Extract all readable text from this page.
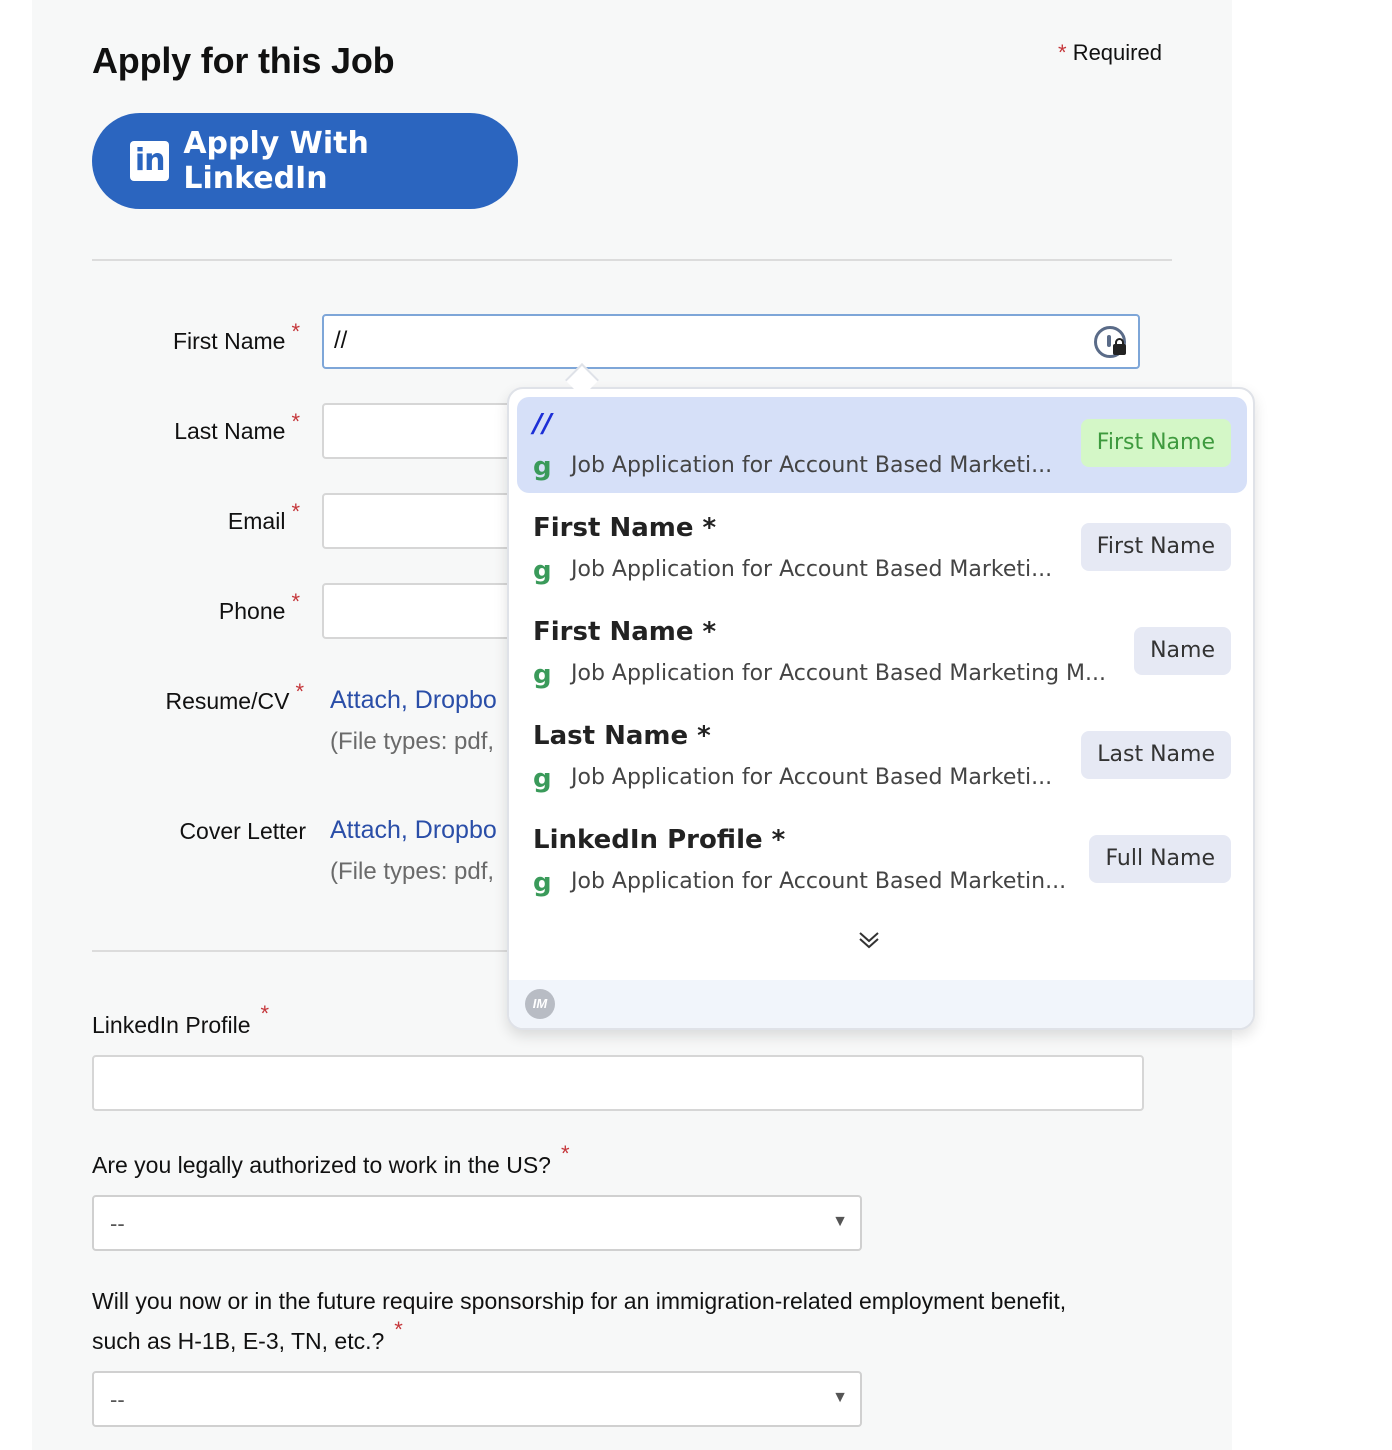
Apply for this Job	* Required
in Apply With LinkedIn
First Name *	//
Last Name *
Email *
Phone *
Resume/CV * Attach, Dropbo
(File types: pdf,
Cover Letter Attach, Dropbo
(File types: pdf,
LinkedIn Profile *
Are you legally authorized to work in the US? *
--	▼
Will you now or in the future require sponsorship for an immigration-related employment benefit,
such as H-1B, E-3, TN, etc.? *
--	▼
//
g Job Application for Account Based Marketi...
First Name
First Name *
g Job Application for Account Based Marketi...
First Name
First Name *
g Job Application for Account Based Marketing M...
Name
Last Name *
g Job Application for Account Based Marketi...
Last Name
LinkedIn Profile *
g Job Application for Account Based Marketin...
Full Name
IM
